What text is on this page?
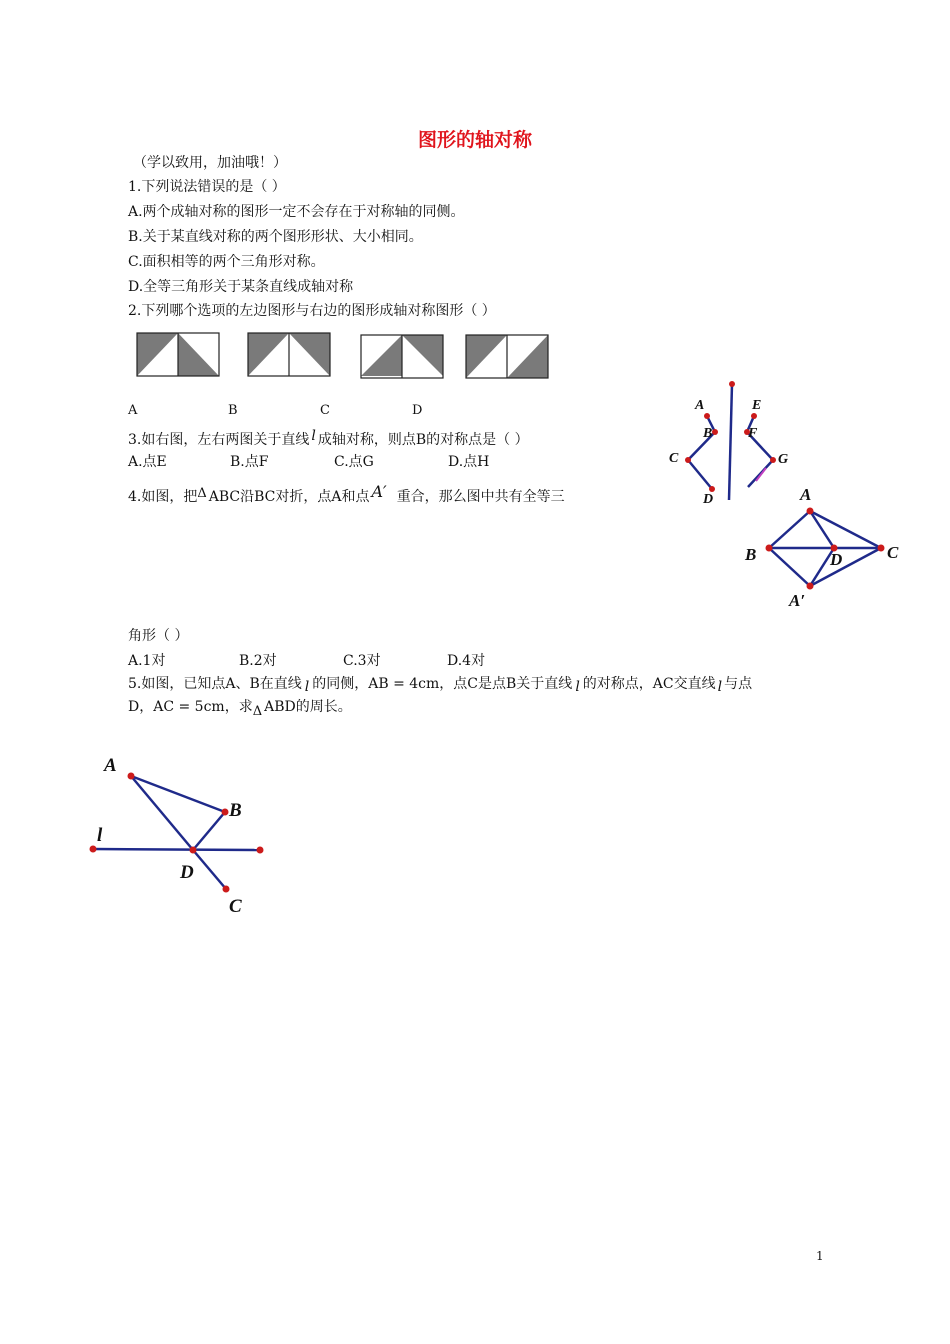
图形的轴对称
（学以致用，加油哦！）
1.下列说法错误的是（ ）
A.两个成轴对称的图形一定不会存在于对称轴的同侧。
B.关于某直线对称的两个图形形状、大小相同。
C.面积相等的两个三角形对称。
D.全等三角形关于某条直线成轴对称
2.下列哪个选项的左边图形与右边的图形成轴对称图形（ ）
A	B	C	D
3.如右图，左右两图关于直线 l 成轴对称，则点B的对称点是（ ）
A.点E	B.点F	C.点G	D.点H
A
B
C
D
E
F
G
4.如图，把Δ ABC沿BC对折，点A和点 A′ 重合，那么图中共有全等三	A
B	C
D
A′
角形（ ）
A.1对	B.2对	C.3对	D.4对
5.如图，已知点A、B在直线 l 的同侧，AB = 4cm，点C是点B关于直线 l 的对称点，AC交直线 l 与点
D，AC = 5cm，求Δ ABD的周长。
A
B
l
D
C
1
